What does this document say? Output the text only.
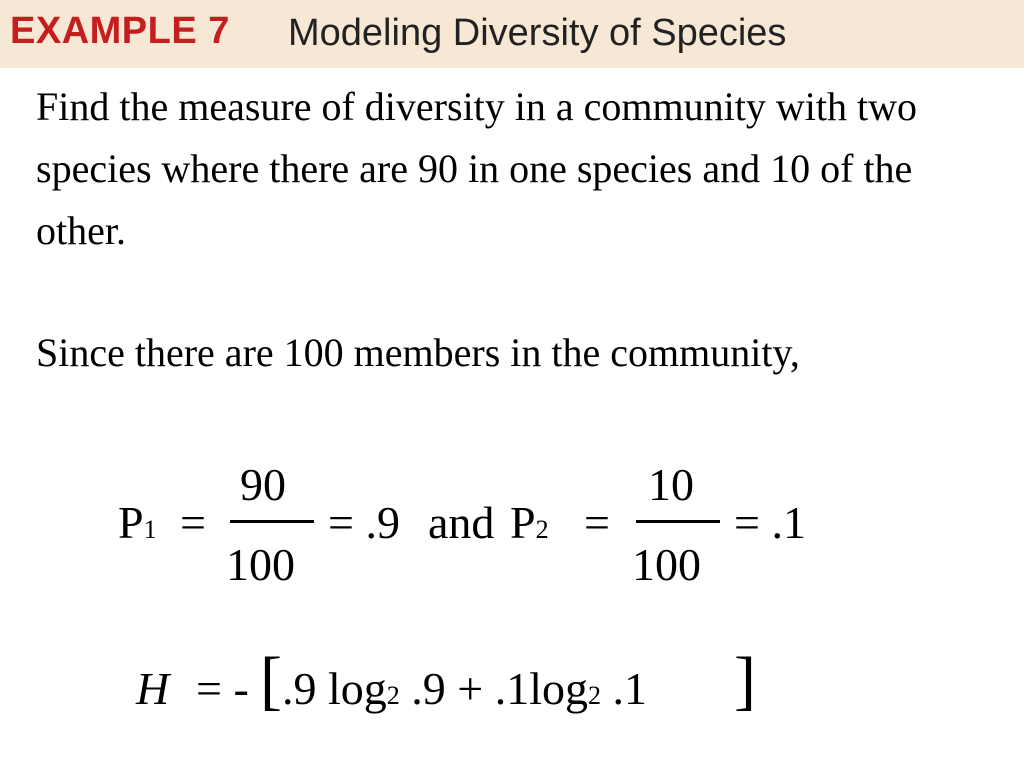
EXAMPLE 7 Modeling Diversity of Species

Find the measure of diversity in a community with two species where there are 90 in one species and 10 of the other.

Since there are 100 members in the community,

P1 =
90
100
= .9 and P2 =
10
100
= .1
H = - [ .9 log2 .9 + .1log2 .1 ]
